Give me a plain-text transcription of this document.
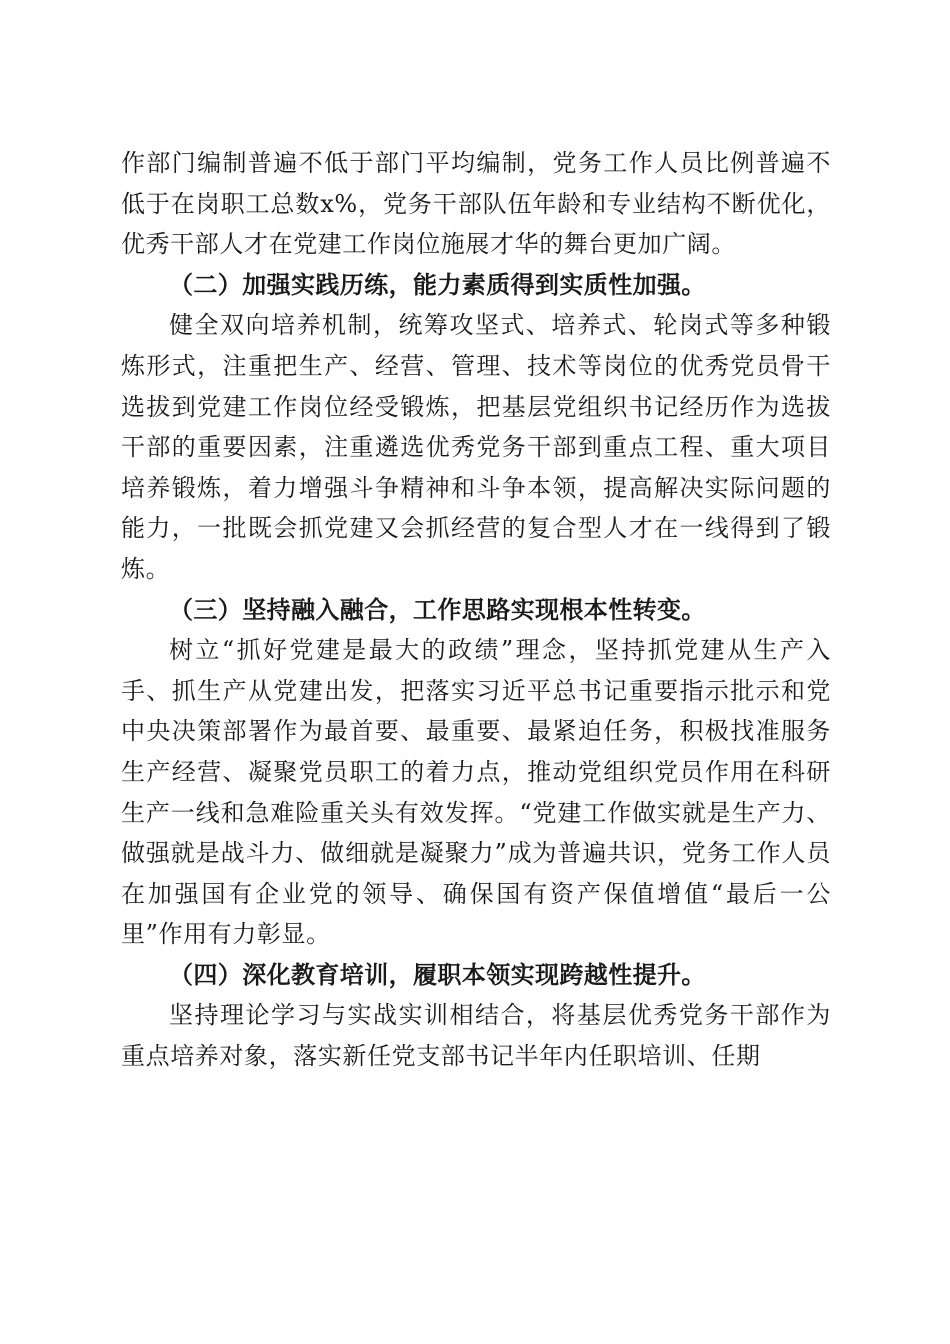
作部门编制普遍不低于部门平均编制，党务工作人员比例普遍不低于在岗职工总数x%，党务干部队伍年龄和专业结构不断优化，优秀干部人才在党建工作岗位施展才华的舞台更加广阔。

（二）加强实践历练，能力素质得到实质性加强。

健全双向培养机制，统筹攻坚式、培养式、轮岗式等多种锻炼形式，注重把生产、经营、管理、技术等岗位的优秀党员骨干选拔到党建工作岗位经受锻炼，把基层党组织书记经历作为选拔干部的重要因素，注重遴选优秀党务干部到重点工程、重大项目培养锻炼，着力增强斗争精神和斗争本领，提高解决实际问题的能力，一批既会抓党建又会抓经营的复合型人才在一线得到了锻炼。

（三）坚持融入融合，工作思路实现根本性转变。

树立“抓好党建是最大的政绩”理念，坚持抓党建从生产入手、抓生产从党建出发，把落实习近平总书记重要指示批示和党中央决策部署作为最首要、最重要、最紧迫任务，积极找准服务生产经营、凝聚党员职工的着力点，推动党组织党员作用在科研生产一线和急难险重关头有效发挥。“党建工作做实就是生产力、做强就是战斗力、做细就是凝聚力”成为普遍共识，党务工作人员在加强国有企业党的领导、确保国有资产保值增值“最后一公里”作用有力彰显。

（四）深化教育培训，履职本领实现跨越性提升。

坚持理论学习与实战实训相结合，将基层优秀党务干部作为重点培养对象，落实新任党支部书记半年内任职培训、任期
